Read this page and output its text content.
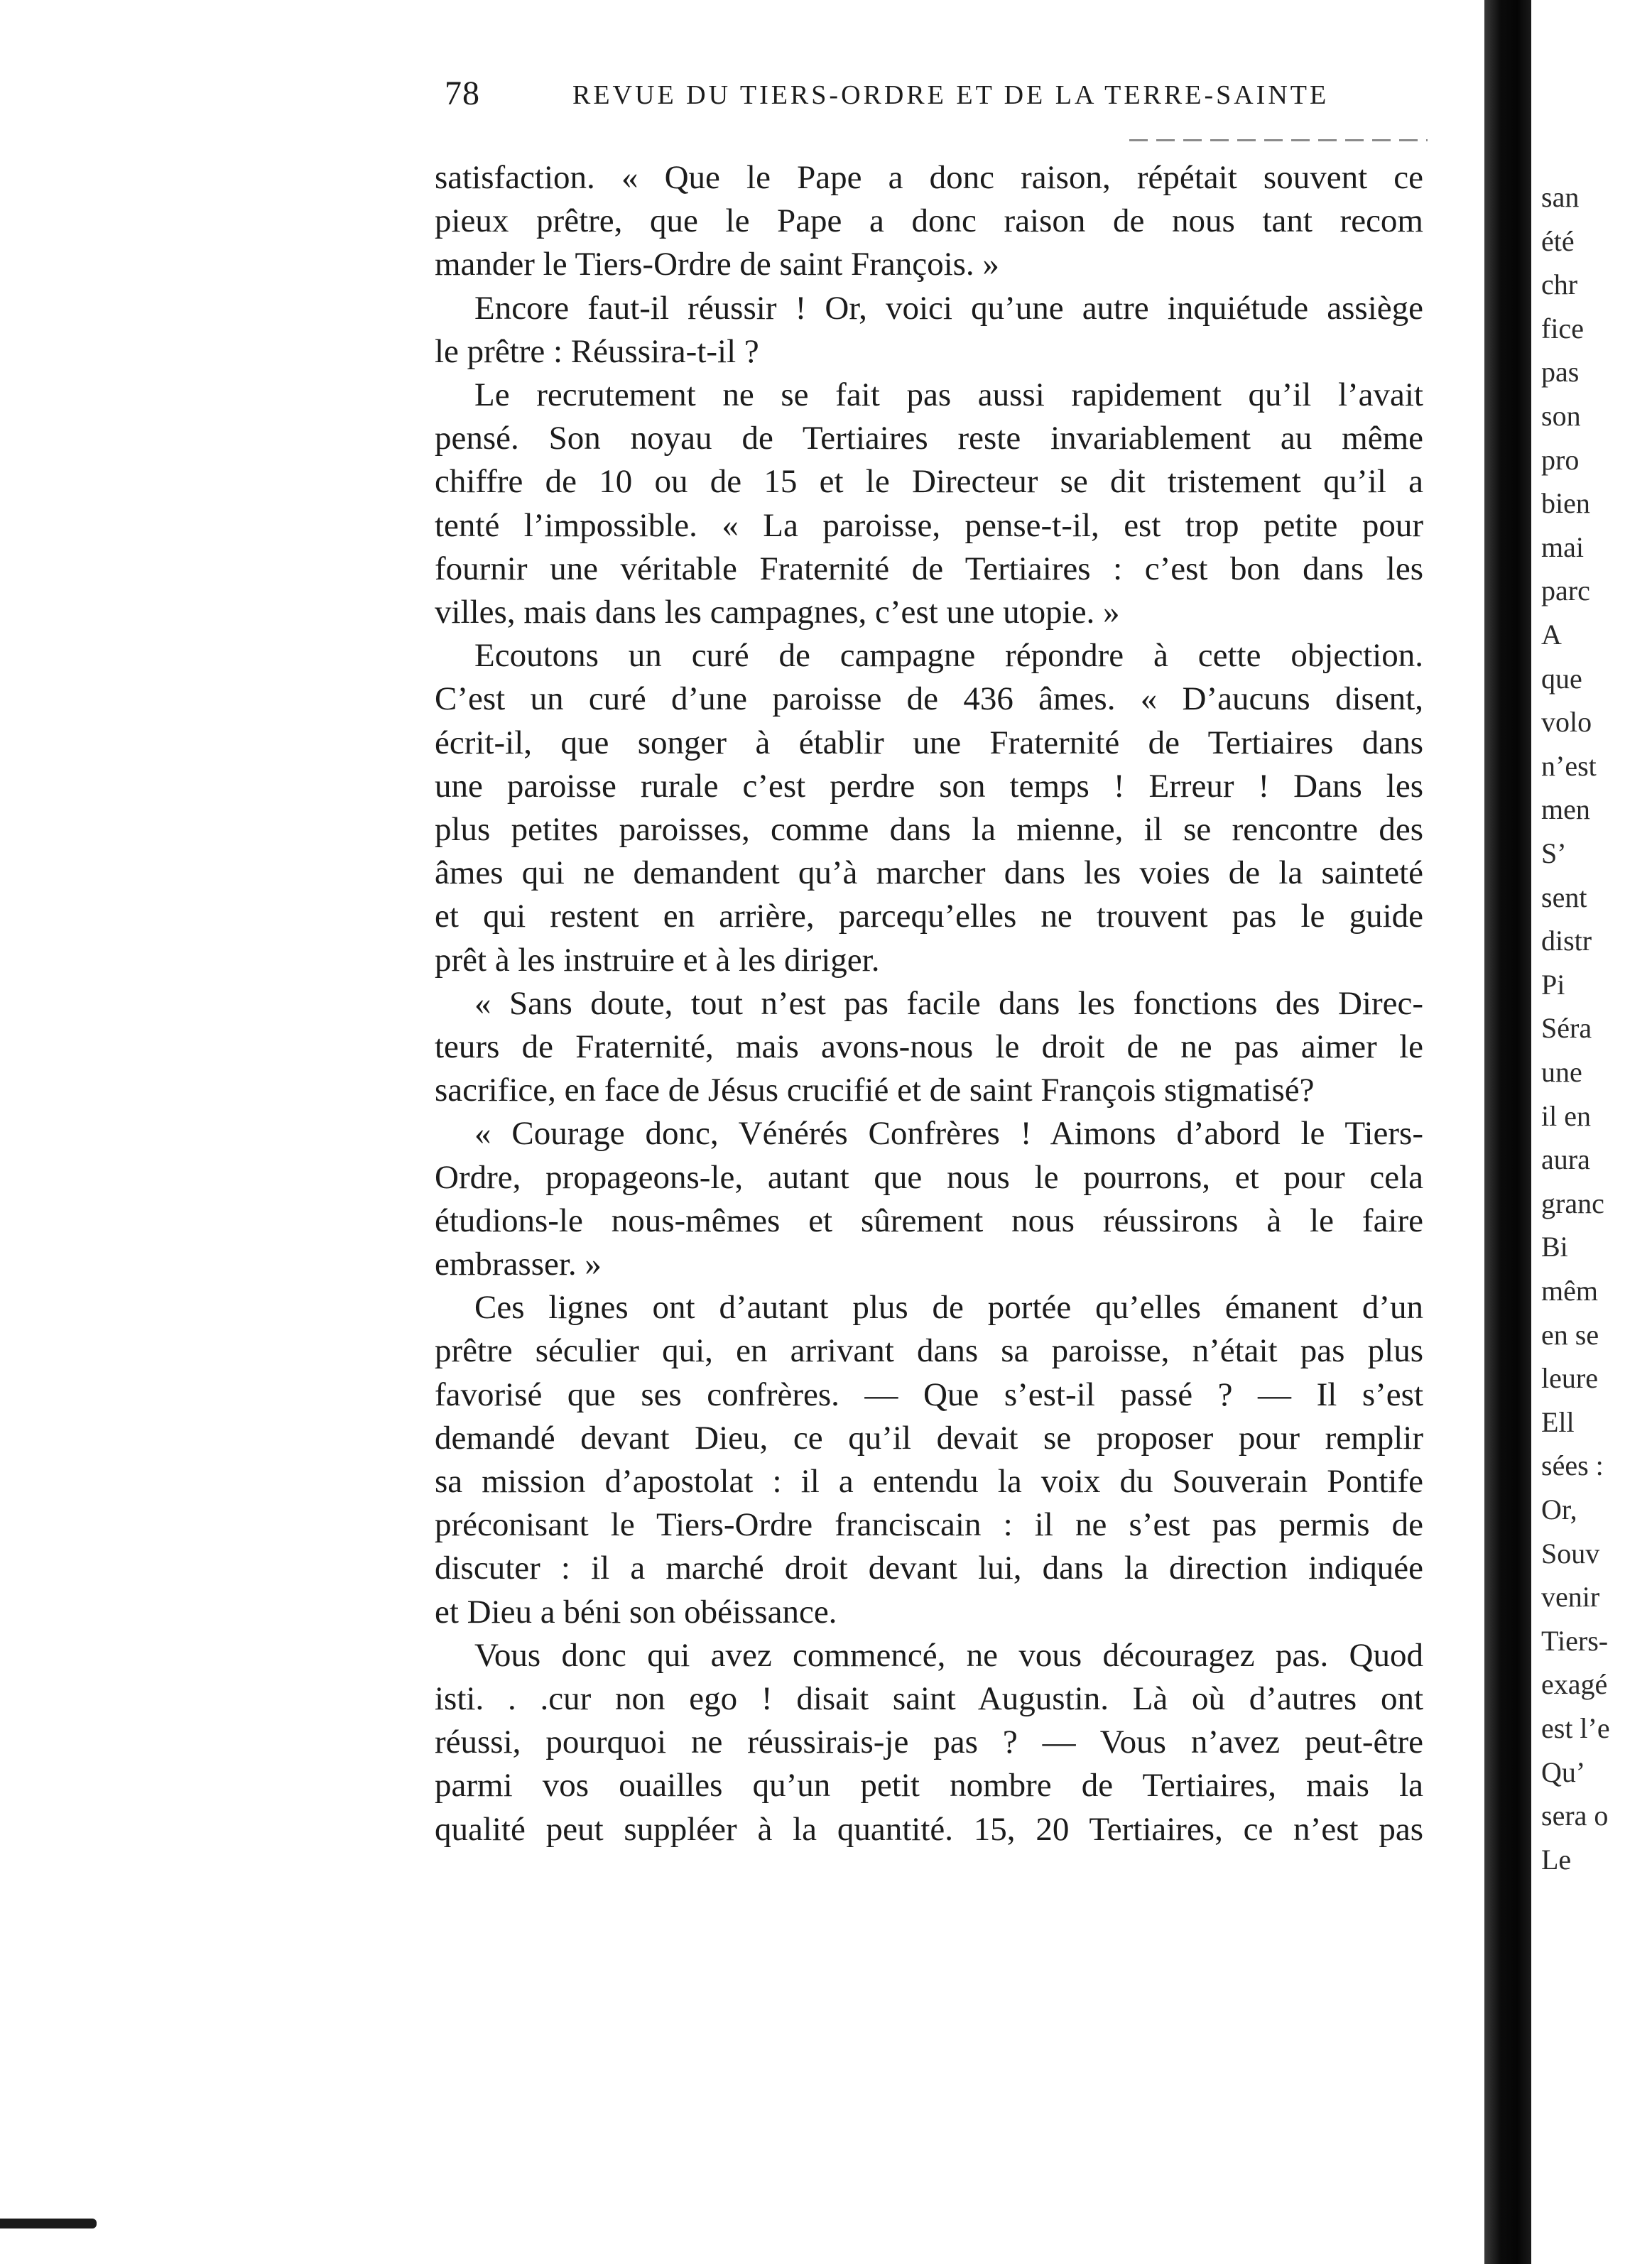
78	REVUE DU TIERS-ORDRE ET DE LA TERRE-SAINTE
satisfaction. « Que le Pape a donc raison, répétait souvent ce
pieux prêtre, que le Pape a donc raison de nous tant recom
mander le Tiers-Ordre de saint François. »
Encore faut-il réussir ! Or, voici qu’une autre inquiétude assiège
le prêtre : Réussira-t-il ?
Le recrutement ne se fait pas aussi rapidement qu’il l’avait
pensé. Son noyau de Tertiaires reste invariablement au même
chiffre de 10 ou de 15 et le Directeur se dit tristement qu’il a
tenté l’impossible. « La paroisse, pense-t-il, est trop petite pour
fournir une véritable Fraternité de Tertiaires : c’est bon dans les
villes, mais dans les campagnes, c’est une utopie. »
Ecoutons un curé de campagne répondre à cette objection.
C’est un curé d’une paroisse de 436 âmes. « D’aucuns disent,
écrit-il, que songer à établir une Fraternité de Tertiaires dans
une paroisse rurale c’est perdre son temps ! Erreur ! Dans les
plus petites paroisses, comme dans la mienne, il se rencontre des
âmes qui ne demandent qu’à marcher dans les voies de la sainteté
et qui restent en arrière, parcequ’elles ne trouvent pas le guide
prêt à les instruire et à les diriger.
« Sans doute, tout n’est pas facile dans les fonctions des Direc-
teurs de Fraternité, mais avons-nous le droit de ne pas aimer le
sacrifice, en face de Jésus crucifié et de saint François stigmatisé?
« Courage donc, Vénérés Confrères ! Aimons d’abord le Tiers-
Ordre, propageons-le, autant que nous le pourrons, et pour cela
étudions-le nous-mêmes et sûrement nous réussirons à le faire
embrasser. »
Ces lignes ont d’autant plus de portée qu’elles émanent d’un
prêtre séculier qui, en arrivant dans sa paroisse, n’était pas plus
favorisé que ses confrères. — Que s’est-il passé ? — Il s’est
demandé devant Dieu, ce qu’il devait se proposer pour remplir
sa mission d’apostolat : il a entendu la voix du Souverain Pontife
préconisant le Tiers-Ordre franciscain : il ne s’est pas permis de
discuter : il a marché droit devant lui, dans la direction indiquée
et Dieu a béni son obéissance.
Vous donc qui avez commencé, ne vous découragez pas. Quod
isti. . .cur non ego ! disait saint Augustin. Là où d’autres ont
réussi, pourquoi ne réussirais-je pas ? — Vous n’avez peut-être
parmi vos ouailles qu’un petit nombre de Tertiaires, mais la
qualité peut suppléer à la quantité. 15, 20 Tertiaires, ce n’est pas
san
été
chr
fice
pas
son
pro
bien
mai
parc
A
que
volo
n’est
men
S’
sent
distr
Pi
Séra
une
il en
aura
granc
Bi
mêm
en se
leure
Ell
sées :
Or,
Souv
venir
Tiers-
exagé
est l’e
Qu’
sera o
Le
